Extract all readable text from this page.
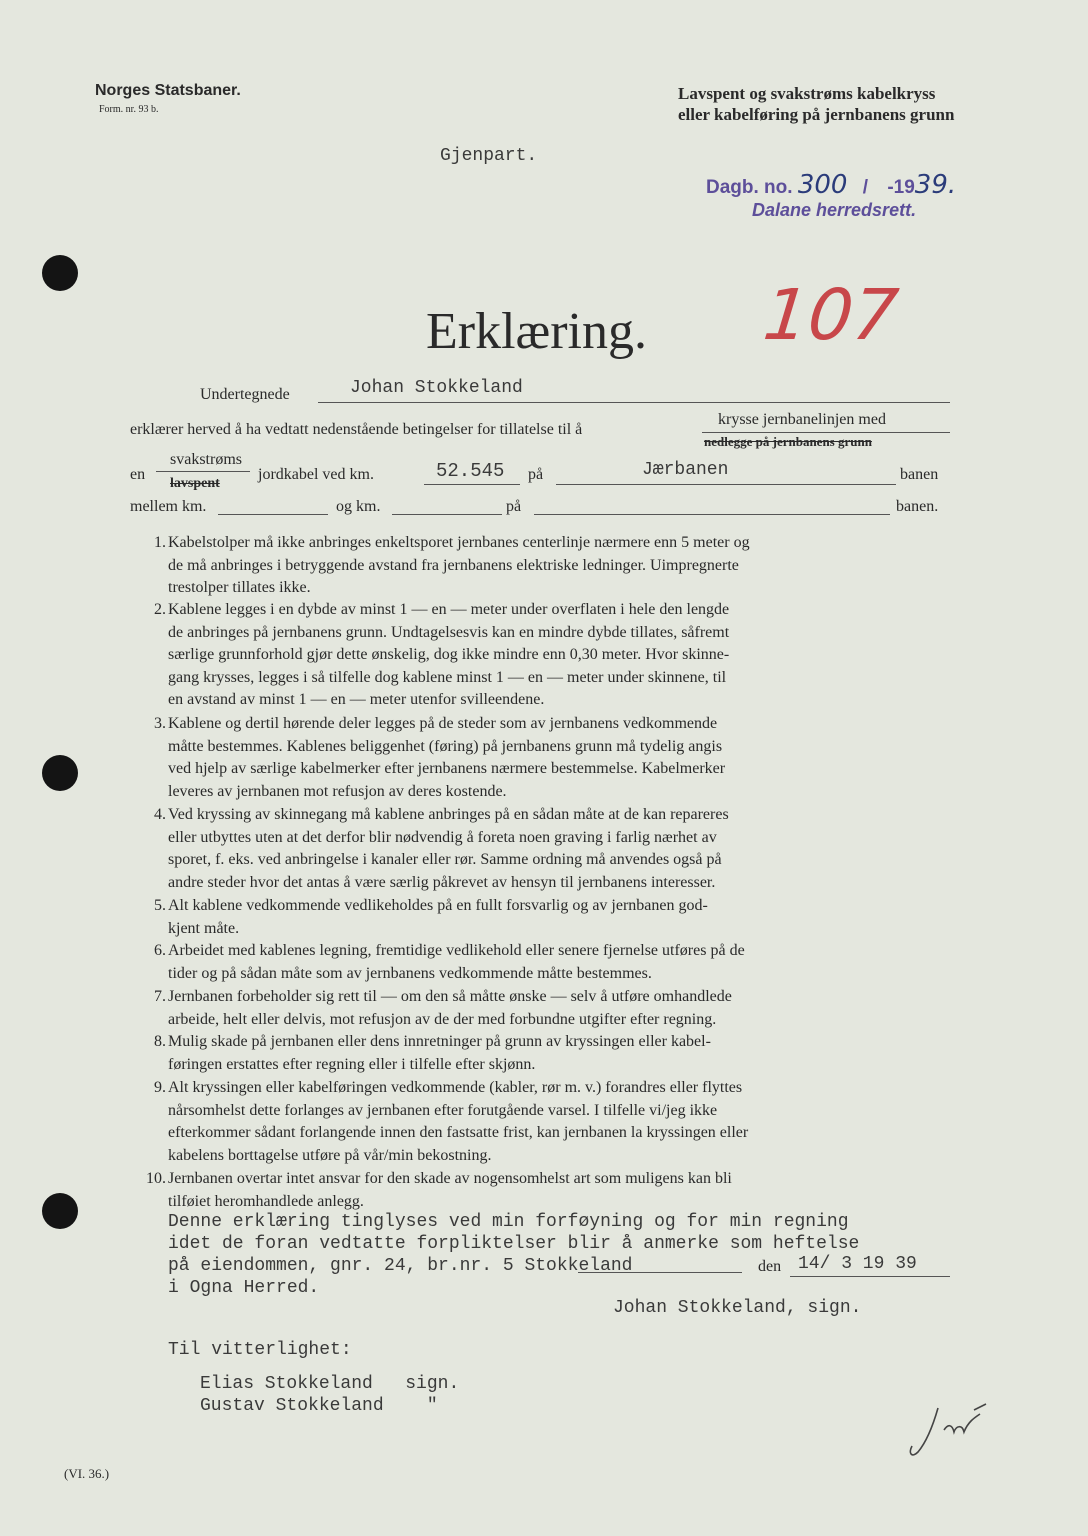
Norges Statsbaner.
Form. nr. 93 b.
Lavspent og svakstrøms kabelkryss
eller kabelføring på jernbanens grunn
Gjenpart.
Dagb. no. 300 / -1939.
Dalane herredsrett.
Erklæring. 107
Undertegnede	Johan Stokkeland
erklærer herved å ha vedtatt nedenstående betingelser for tillatelse til å
krysse jernbanelinjen med
nedlegge på jernbanens grunn
en
svakstrøms
lavspent
jordkabel ved km.	52.545 på	Jærbanen	banen
mellem km.	og km.	på	banen.
1. Kabelstolper må ikke anbringes enkeltsporet jernbanes centerlinje nærmere enn 5 meter og
de må anbringes i betryggende avstand fra jernbanens elektriske ledninger. Uimpregnerte
trestolper tillates ikke.
2. Kablene legges i en dybde av minst 1 — en — meter under overflaten i hele den lengde
de anbringes på jernbanens grunn. Undtagelsesvis kan en mindre dybde tillates, såfremt
særlige grunnforhold gjør dette ønskelig, dog ikke mindre enn 0,30 meter. Hvor skinne-
gang krysses, legges i så tilfelle dog kablene minst 1 — en — meter under skinnene, til
en avstand av minst 1 — en — meter utenfor svilleendene.
3. Kablene og dertil hørende deler legges på de steder som av jernbanens vedkommende
måtte bestemmes. Kablenes beliggenhet (føring) på jernbanens grunn må tydelig angis
ved hjelp av særlige kabelmerker efter jernbanens nærmere bestemmelse. Kabelmerker
leveres av jernbanen mot refusjon av deres kostende.
4. Ved kryssing av skinnegang må kablene anbringes på en sådan måte at de kan repareres
eller utbyttes uten at det derfor blir nødvendig å foreta noen graving i farlig nærhet av
sporet, f. eks. ved anbringelse i kanaler eller rør. Samme ordning må anvendes også på
andre steder hvor det antas å være særlig påkrevet av hensyn til jernbanens interesser.
5. Alt kablene vedkommende vedlikeholdes på en fullt forsvarlig og av jernbanen god-
kjent måte.
6. Arbeidet med kablenes legning, fremtidige vedlikehold eller senere fjernelse utføres på de
tider og på sådan måte som av jernbanens vedkommende måtte bestemmes.
7. Jernbanen forbeholder sig rett til — om den så måtte ønske — selv å utføre omhandlede
arbeide, helt eller delvis, mot refusjon av de der med forbundne utgifter efter regning.
8. Mulig skade på jernbanen eller dens innretninger på grunn av kryssingen eller kabel-
føringen erstattes efter regning eller i tilfelle efter skjønn.
9. Alt kryssingen eller kabelføringen vedkommende (kabler, rør m. v.) forandres eller flyttes
nårsomhelst dette forlanges av jernbanen efter forutgående varsel. I tilfelle vi/jeg ikke
efterkommer sådant forlangende innen den fastsatte frist, kan jernbanen la kryssingen eller
kabelens borttagelse utføre på vår/min bekostning.
10. Jernbanen overtar intet ansvar for den skade av nogensomhelst art som muligens kan bli
tilføiet heromhandlede anlegg.
Denne erklæring tinglyses ved min forføyning og for min regning
idet de foran vedtatte forpliktelser blir å anmerke som heftelse
på eiendommen, gnr. 24, br.nr. 5 Stokkeland	den 14/ 3 19 39
i Ogna Herred.
Johan Stokkeland, sign.
Til vitterlighet:
Elias Stokkeland   sign.
Gustav Stokkeland    "
(VI. 36.)
